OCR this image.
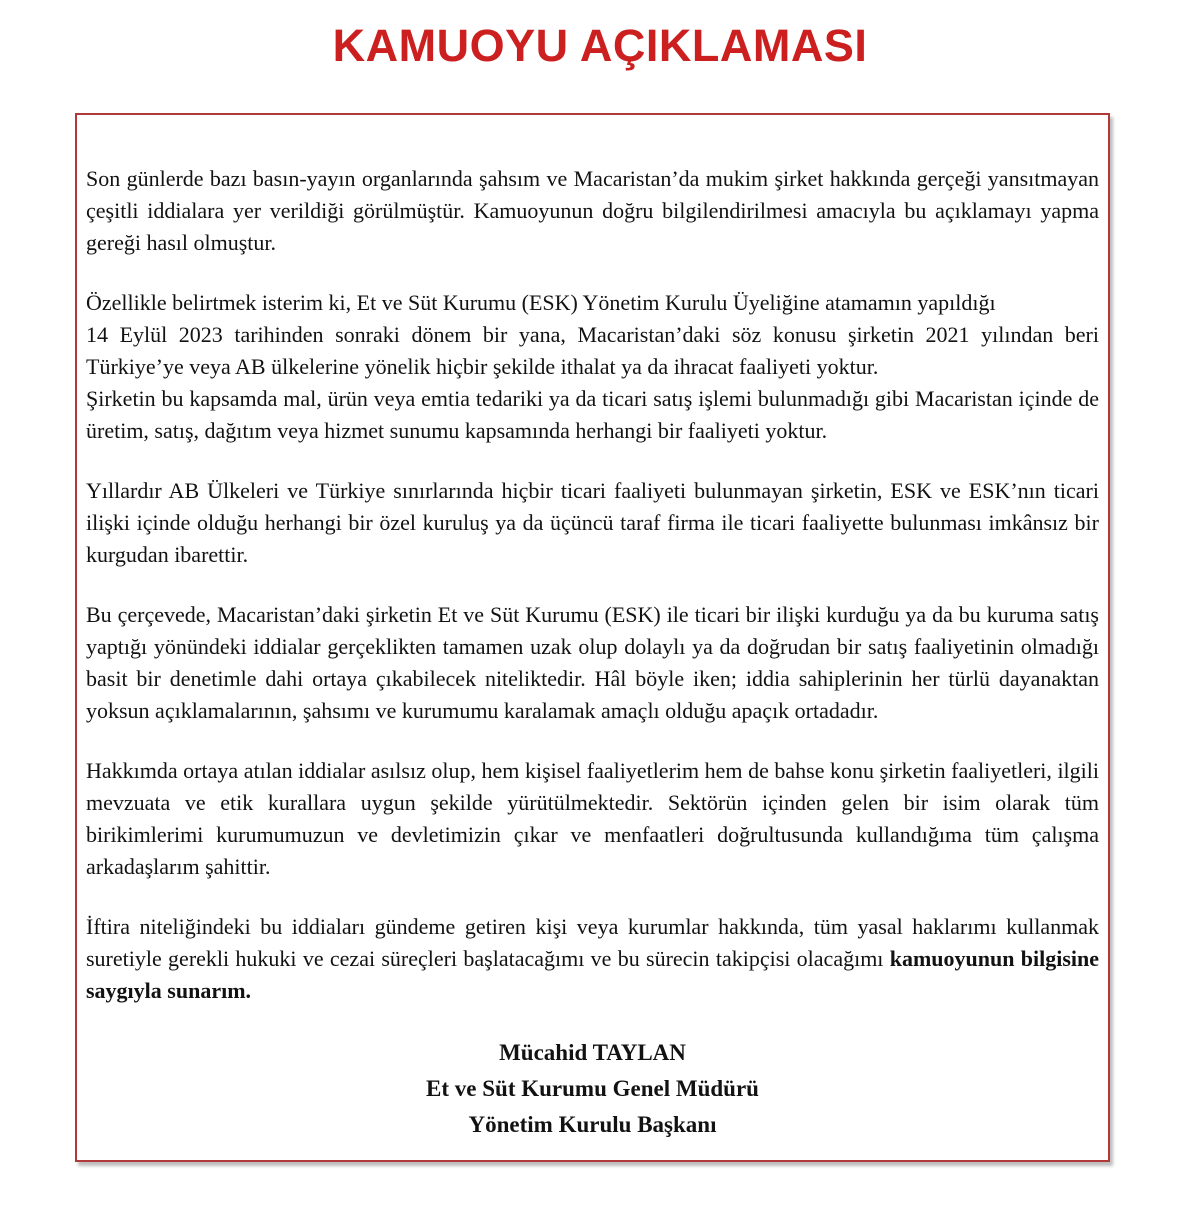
KAMUOYU AÇIKLAMASI

Son günlerde bazı basın-yayın organlarında şahsım ve Macaristan’da mukim şirket hakkında gerçeği yansıtmayan çeşitli iddialara yer verildiği görülmüştür. Kamuoyunun doğru bilgilendirilmesi amacıyla bu açıklamayı yapma gereği hasıl olmuştur.

Özellikle belirtmek isterim ki, Et ve Süt Kurumu (ESK) Yönetim Kurulu Üyeliğine atamamın yapıldığı

14 Eylül 2023 tarihinden sonraki dönem bir yana, Macaristan’daki söz konusu şirketin 2021 yılından beri Türkiye’ye veya AB ülkelerine yönelik hiçbir şekilde ithalat ya da ihracat faaliyeti yoktur.

Şirketin bu kapsamda mal, ürün veya emtia tedariki ya da ticari satış işlemi bulunmadığı gibi Macaristan içinde de üretim, satış, dağıtım veya hizmet sunumu kapsamında herhangi bir faaliyeti yoktur.

Yıllardır AB Ülkeleri ve Türkiye sınırlarında hiçbir ticari faaliyeti bulunmayan şirketin, ESK ve ESK’nın ticari ilişki içinde olduğu herhangi bir özel kuruluş ya da üçüncü taraf firma ile ticari faaliyette bulunması imkânsız bir kurgudan ibarettir.

Bu çerçevede, Macaristan’daki şirketin Et ve Süt Kurumu (ESK) ile ticari bir ilişki kurduğu ya da bu kuruma satış yaptığı yönündeki iddialar gerçeklikten tamamen uzak olup dolaylı ya da doğrudan bir satış faaliyetinin olmadığı basit bir denetimle dahi ortaya çıkabilecek niteliktedir. Hâl böyle iken; iddia sahiplerinin her türlü dayanaktan yoksun açıklamalarının, şahsımı ve kurumumu karalamak amaçlı olduğu apaçık ortadadır.

Hakkımda ortaya atılan iddialar asılsız olup, hem kişisel faaliyetlerim hem de bahse konu şirketin faaliyetleri, ilgili mevzuata ve etik kurallara uygun şekilde yürütülmektedir. Sektörün içinden gelen bir isim olarak tüm birikimlerimi kurumumuzun ve devletimizin çıkar ve menfaatleri doğrultusunda kullandığıma tüm çalışma arkadaşlarım şahittir.

İftira niteliğindeki bu iddiaları gündeme getiren kişi veya kurumlar hakkında, tüm yasal haklarımı kullanmak suretiyle gerekli hukuki ve cezai süreçleri başlatacağımı ve bu sürecin takipçisi olacağımı kamuoyunun bilgisine saygıyla sunarım.

Mücahid TAYLAN

Et ve Süt Kurumu Genel Müdürü

Yönetim Kurulu Başkanı
